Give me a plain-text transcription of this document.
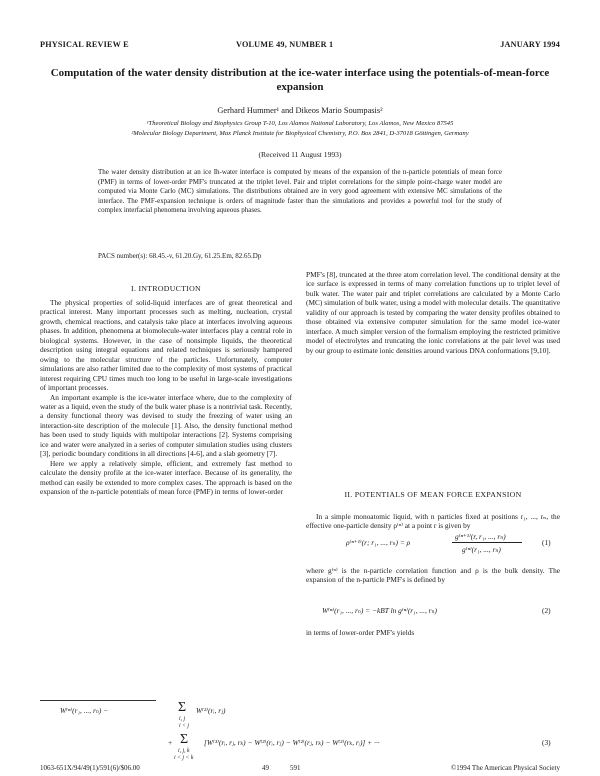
PHYSICAL REVIEW E	VOLUME 49, NUMBER 1	JANUARY 1994
Computation of the water density distribution at the ice-water interface using the potentials-of-mean-force expansion
Gerhard Hummer¹ and Dikeos Mario Soumpasis²
¹Theoretical Biology and Biophysics Group T-10, Los Alamos National Laboratory, Los Alamos, New Mexico 87545
²Molecular Biology Department, Max Planck Institute for Biophysical Chemistry, P.O. Box 2841, D-37018 Göttingen, Germany
(Received 11 August 1993)
The water density distribution at an ice Ih-water interface is computed by means of the expansion of the n-particle potentials of mean force (PMF) in terms of lower-order PMF's truncated at the triplet level. Pair and triplet correlations for the simple point-charge water model are computed via Monte Carlo (MC) simulations. The distributions obtained are in very good agreement with extensive MC simulations of the interface. The PMF-expansion technique is orders of magnitude faster than the simulations and provides a powerful tool for the study of complex interfacial phenomena involving aqueous phases.
PACS number(s): 68.45.-v, 61.20.Gy, 61.25.Em, 82.65.Dp
I. INTRODUCTION

The physical properties of solid-liquid interfaces are of great theoretical and practical interest. Many important processes such as melting, nucleation, crystal growth, chemical reactions, and catalysis take place at interfaces involving aqueous phases. In addition, phenomena at biomolecule-water interfaces play a central role in biological systems. However, in the case of nonsimple liquids, the theoretical description using integral equations and related techniques is seriously hampered owing to the molecular structure of the particles. Unfortunately, computer simulations are also rather limited due to the complexity of most systems of practical interest requiring CPU times much too long to be useful in large-scale investigations of important processes.

An important example is the ice-water interface where, due to the complexity of water as a liquid, even the study of the bulk water phase is a nontrivial task. Recently, a density functional theory was devised to study the freezing of water using an interaction-site description of the molecule [1]. Also, the density functional method has been used to study liquids with multipolar interactions [2]. Systems comprising ice and water were analyzed in a series of computer simulation studies using clusters [3], periodic boundary conditions in all directions [4-6], and a slab geometry [7].

Here we apply a relatively simple, efficient, and extremely fast method to calculate the density profile at the ice-water interface. Because of its generality, the method can easily be extended to more complex cases. The approach is based on the expansion of the n-particle potentials of mean force (PMF) in terms of lower-order

PMF's [8], truncated at the three atom correlation level. The conditional density at the ice surface is expressed in terms of many correlation functions up to triplet level of bulk water. The water pair and triplet correlations are calculated by a Monte Carlo (MC) simulation of bulk water, using a model with molecular details. The quantitative validity of our approach is tested by comparing the water density profiles obtained to those obtained via extensive computer simulation for the same model ice-water interface. A much simpler version of the formalism employing the restricted primitive model of electrolytes and truncating the ionic correlations at the pair level was used by our group to estimate ionic densities around various DNA conformations [9,10].

II. POTENTIALS OF MEAN FORCE EXPANSION

In a simple monoatomic liquid, with n particles fixed at positions r₁, ..., rₙ, the effective one-particle density ρ⁽ⁿ⁾ at a point r is given by

ρ⁽ⁿ⁺¹⁾(r; r₁, ..., rₙ) = ρ
g⁽ⁿ⁺¹⁾(r, r₁, ..., rₙ)
g⁽ⁿ⁾(r₁, ..., rₙ)
(1)

where g⁽ⁿ⁾ is the n-particle correlation function and ρ is the bulk density. The expansion of the n-particle PMF's is defined by

W⁽ⁿ⁾(r₁, ..., rₙ) = −kBT ln g⁽ⁿ⁾(r₁, ..., rₙ)	(2)

in terms of lower-order PMF's yields

W⁽ⁿ⁾(r₁, ..., rₙ) −	Σ
i, j
i < j
W⁽²⁾(rᵢ, rⱼ)
+ Σ
i, j, k
i < j < k
[W⁽³⁾(rᵢ, rⱼ, rₖ) − W⁽²⁾(rᵢ, rⱼ) − W⁽²⁾(rⱼ, rₖ) − W⁽²⁾(rₖ, rᵢ)] + ···	(3)
1063-651X/94/49(1)/591(6)/$06.00	49	591	©1994 The American Physical Society
